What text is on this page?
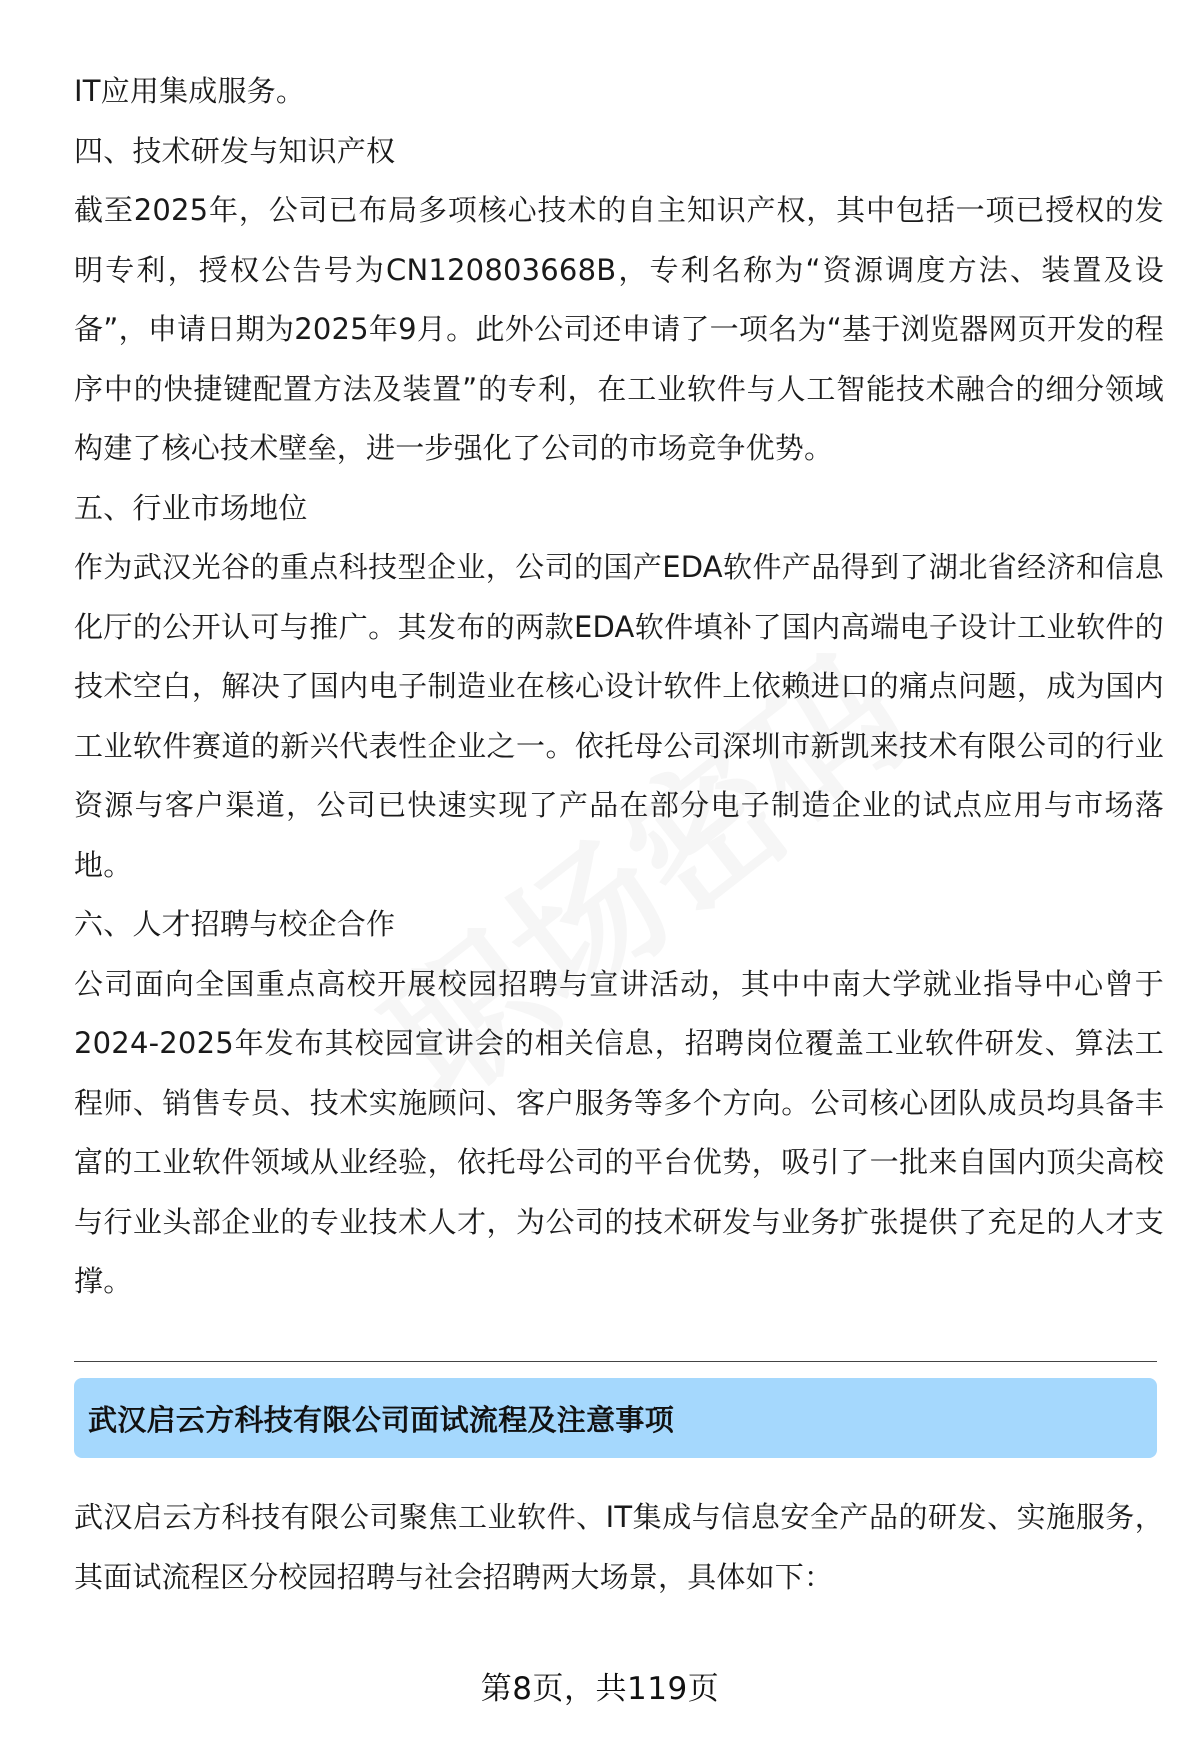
IT应用集成服务。

四、技术研发与知识产权

截至2025年，公司已布局多项核心技术的自主知识产权，其中包括一项已授权的发明专利，授权公告号为CN120803668B，专利名称为“资源调度方法、装置及设备”，申请日期为2025年9月。此外公司还申请了一项名为“基于浏览器网页开发的程序中的快捷键配置方法及装置”的专利，在工业软件与人工智能技术融合的细分领域构建了核心技术壁垒，进一步强化了公司的市场竞争优势。

五、行业市场地位

作为武汉光谷的重点科技型企业，公司的国产EDA软件产品得到了湖北省经济和信息化厅的公开认可与推广。其发布的两款EDA软件填补了国内高端电子设计工业软件的技术空白，解决了国内电子制造业在核心设计软件上依赖进口的痛点问题，成为国内工业软件赛道的新兴代表性企业之一。依托母公司深圳市新凯来技术有限公司的行业资源与客户渠道，公司已快速实现了产品在部分电子制造企业的试点应用与市场落地。

六、人才招聘与校企合作

公司面向全国重点高校开展校园招聘与宣讲活动，其中中南大学就业指导中心曾于2024-2025年发布其校园宣讲会的相关信息，招聘岗位覆盖工业软件研发、算法工程师、销售专员、技术实施顾问、客户服务等多个方向。公司核心团队成员均具备丰富的工业软件领域从业经验，依托母公司的平台优势，吸引了一批来自国内顶尖高校与行业头部企业的专业技术人才，为公司的技术研发与业务扩张提供了充足的人才支撑。

武汉启云方科技有限公司面试流程及注意事项

武汉启云方科技有限公司聚焦工业软件、IT集成与信息安全产品的研发、实施服务，其面试流程区分校园招聘与社会招聘两大场景，具体如下：

第8页，共119页
